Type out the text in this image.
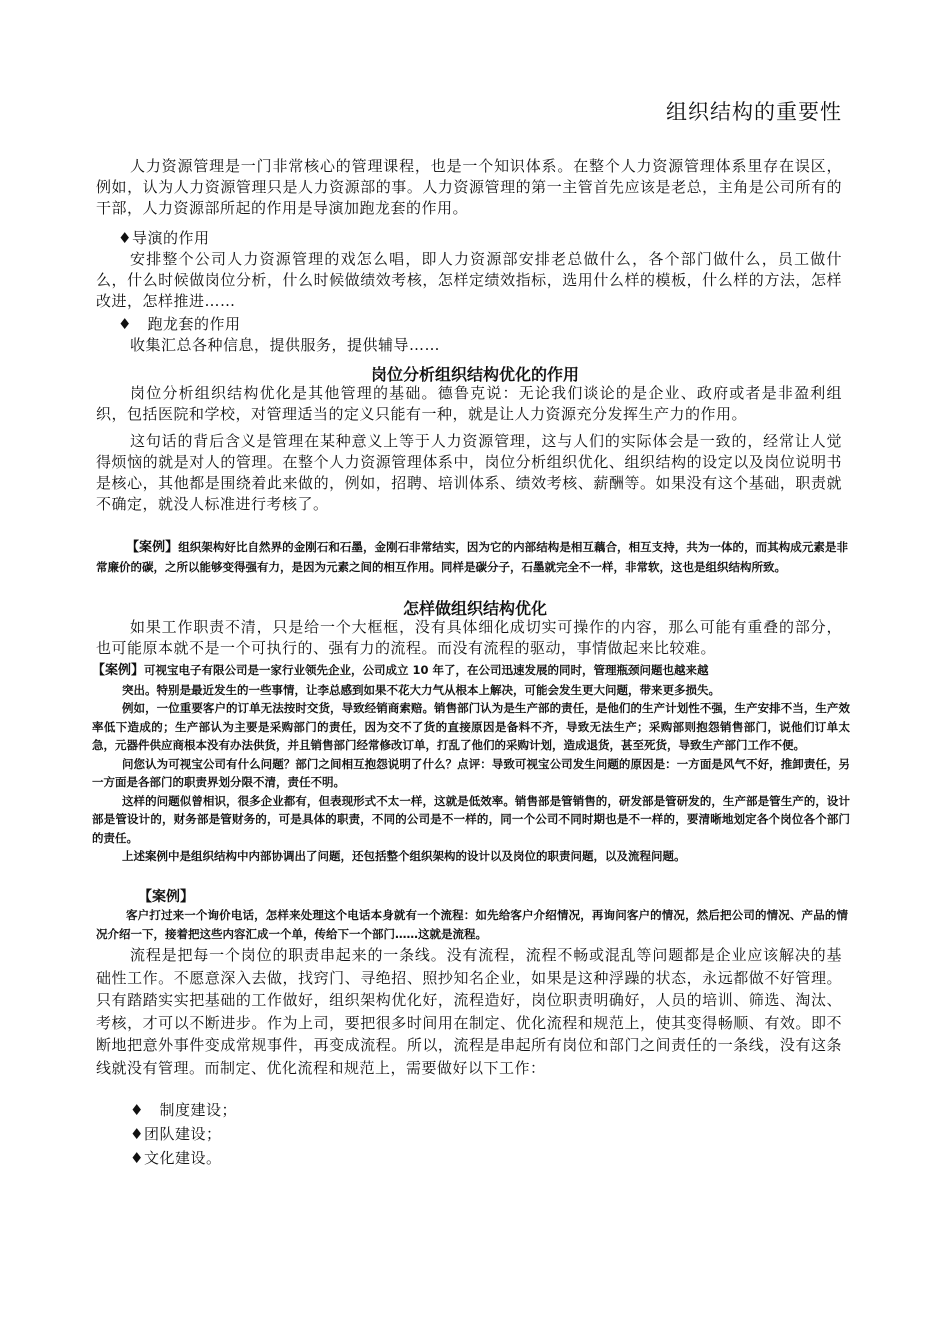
组织结构的重要性

人力资源管理是一门非常核心的管理课程，也是一个知识体系。在整个人力资源管理体系里存在误区，例如，认为人力资源管理只是人力资源部的事。人力资源管理的第一主管首先应该是老总，主角是公司所有的干部，人力资源部所起的作用是导演加跑龙套的作用。

♦导演的作用

安排整个公司人力资源管理的戏怎么唱，即人力资源部安排老总做什么，各个部门做什么，员工做什么，什么时候做岗位分析，什么时候做绩效考核，怎样定绩效指标，选用什么样的模板，什么样的方法，怎样改进，怎样推进……

♦　跑龙套的作用

收集汇总各种信息，提供服务，提供辅导……

岗位分析组织结构优化的作用

岗位分析组织结构优化是其他管理的基础。德鲁克说：无论我们谈论的是企业、政府或者是非盈利组织，包括医院和学校，对管理适当的定义只能有一种，就是让人力资源充分发挥生产力的作用。

这句话的背后含义是管理在某种意义上等于人力资源管理，这与人们的实际体会是一致的，经常让人觉得烦恼的就是对人的管理。在整个人力资源管理体系中，岗位分析组织优化、组织结构的设定以及岗位说明书是核心，其他都是围绕着此来做的，例如，招聘、培训体系、绩效考核、薪酬等。如果没有这个基础，职责就不确定，就没人标准进行考核了。

【案例】组织架构好比自然界的金刚石和石墨，金刚石非常结实，因为它的内部结构是相互藕合，相互支持，共为一体的，而其构成元素是非常廉价的碳，之所以能够变得强有力，是因为元素之间的相互作用。同样是碳分子，石墨就完全不一样，非常软，这也是组织结构所致。

怎样做组织结构优化

如果工作职责不清，只是给一个大框框，没有具体细化成切实可操作的内容，那么可能有重叠的部分，也可能原本就不是一个可执行的、强有力的流程。而没有流程的驱动，事情做起来比较难。

【案例】可视宝电子有限公司是一家行业领先企业，公司成立 10 年了，在公司迅速发展的同时，管理瓶颈问题也越来越

突出。特别是最近发生的一些事情，让李总感到如果不花大力气从根本上解决，可能会发生更大问题，带来更多损失。

例如，一位重要客户的订单无法按时交货，导致经销商索赔。销售部门认为是生产部的责任，是他们的生产计划性不强，生产安排不当，生产效率低下造成的；生产部认为主要是采购部门的责任，因为交不了货的直接原因是备料不齐，导致无法生产；采购部则抱怨销售部门，说他们订单太急，元器件供应商根本没有办法供货，并且销售部门经常修改订单，打乱了他们的采购计划，造成退货，甚至死货，导致生产部门工作不便。

问您认为可视宝公司有什么问题？部门之间相互抱怨说明了什么？点评：导致可视宝公司发生问题的原因是：一方面是风气不好，推卸责任，另一方面是各部门的职责界划分限不清，责任不明。

这样的问题似曾相识，很多企业都有，但表现形式不太一样，这就是低效率。销售部是管销售的，研发部是管研发的，生产部是管生产的，设计部是管设计的，财务部是管财务的，可是具体的职责，不同的公司是不一样的，同一个公司不同时期也是不一样的，要清晰地划定各个岗位各个部门的责任。

上述案例中是组织结构中内部协调出了问题，还包括整个组织架构的设计以及岗位的职责问题，以及流程问题。

【案例】

客户打过来一个询价电话，怎样来处理这个电话本身就有一个流程：如先给客户介绍情况，再询问客户的情况，然后把公司的情况、产品的情况介绍一下，接着把这些内容汇成一个单，传给下一个部门……这就是流程。

流程是把每一个岗位的职责串起来的一条线。没有流程，流程不畅或混乱等问题都是企业应该解决的基础性工作。不愿意深入去做，找窍门、寻绝招、照抄知名企业，如果是这种浮躁的状态，永远都做不好管理。只有踏踏实实把基础的工作做好，组织架构优化好，流程造好，岗位职责明确好，人员的培训、筛选、淘汰、考核，才可以不断进步。作为上司，要把很多时间用在制定、优化流程和规范上，使其变得畅顺、有效。即不断地把意外事件变成常规事件，再变成流程。所以，流程是串起所有岗位和部门之间责任的一条线，没有这条线就没有管理。而制定、优化流程和规范上，需要做好以下工作：

♦　制度建设；
♦团队建设；
♦文化建设。
